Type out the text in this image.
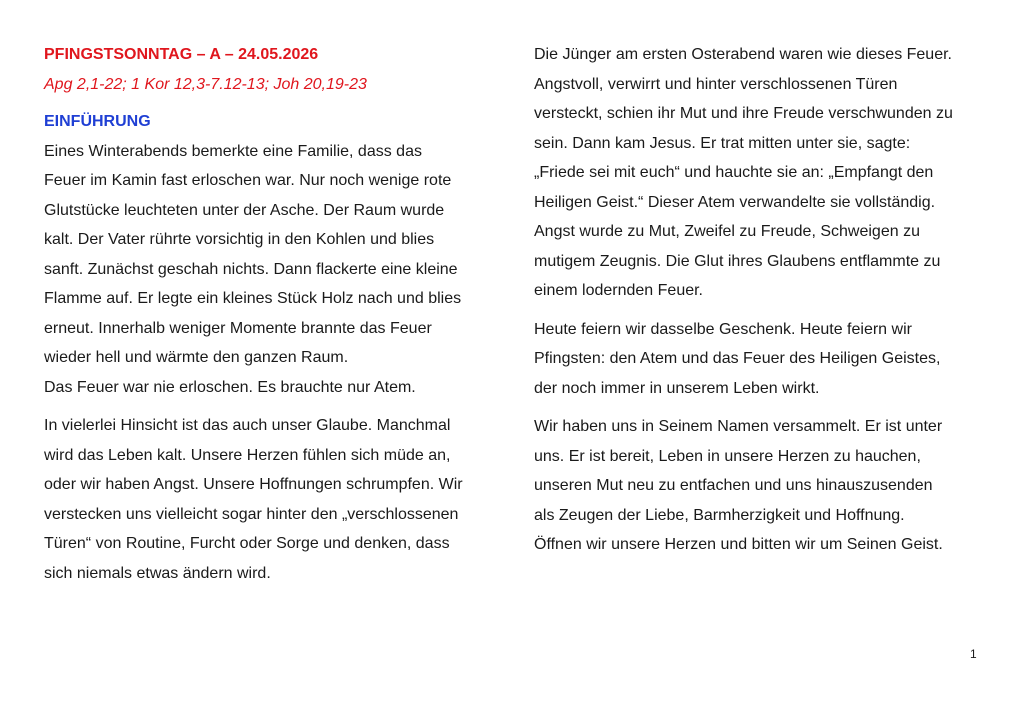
PFINGSTSONNTAG – A – 24.05.2026
Apg 2,1-22; 1 Kor 12,3-7.12-13; Joh 20,19-23
EINFÜHRUNG

Eines Winterabends bemerkte eine Familie, dass das
Feuer im Kamin fast erloschen war. Nur noch wenige rote
Glutstücke leuchteten unter der Asche. Der Raum wurde
kalt. Der Vater rührte vorsichtig in den Kohlen und blies
sanft. Zunächst geschah nichts. Dann flackerte eine kleine
Flamme auf. Er legte ein kleines Stück Holz nach und blies
erneut. Innerhalb weniger Momente brannte das Feuer
wieder hell und wärmte den ganzen Raum.
Das Feuer war nie erloschen. Es brauchte nur Atem.

In vielerlei Hinsicht ist das auch unser Glaube. Manchmal
wird das Leben kalt. Unsere Herzen fühlen sich müde an,
oder wir haben Angst. Unsere Hoffnungen schrumpfen. Wir
verstecken uns vielleicht sogar hinter den „verschlossenen
Türen“ von Routine, Furcht oder Sorge und denken, dass
sich niemals etwas ändern wird.

Die Jünger am ersten Osterabend waren wie dieses Feuer.
Angstvoll, verwirrt und hinter verschlossenen Türen
versteckt, schien ihr Mut und ihre Freude verschwunden zu
sein. Dann kam Jesus. Er trat mitten unter sie, sagte:
„Friede sei mit euch“ und hauchte sie an: „Empfangt den
Heiligen Geist.“ Dieser Atem verwandelte sie vollständig.
Angst wurde zu Mut, Zweifel zu Freude, Schweigen zu
mutigem Zeugnis. Die Glut ihres Glaubens entflammte zu
einem lodernden Feuer.

Heute feiern wir dasselbe Geschenk. Heute feiern wir
Pfingsten: den Atem und das Feuer des Heiligen Geistes,
der noch immer in unserem Leben wirkt.

Wir haben uns in Seinem Namen versammelt. Er ist unter
uns. Er ist bereit, Leben in unsere Herzen zu hauchen,
unseren Mut neu zu entfachen und uns hinauszusenden
als Zeugen der Liebe, Barmherzigkeit und Hoffnung.
Öffnen wir unsere Herzen und bitten wir um Seinen Geist.

1
